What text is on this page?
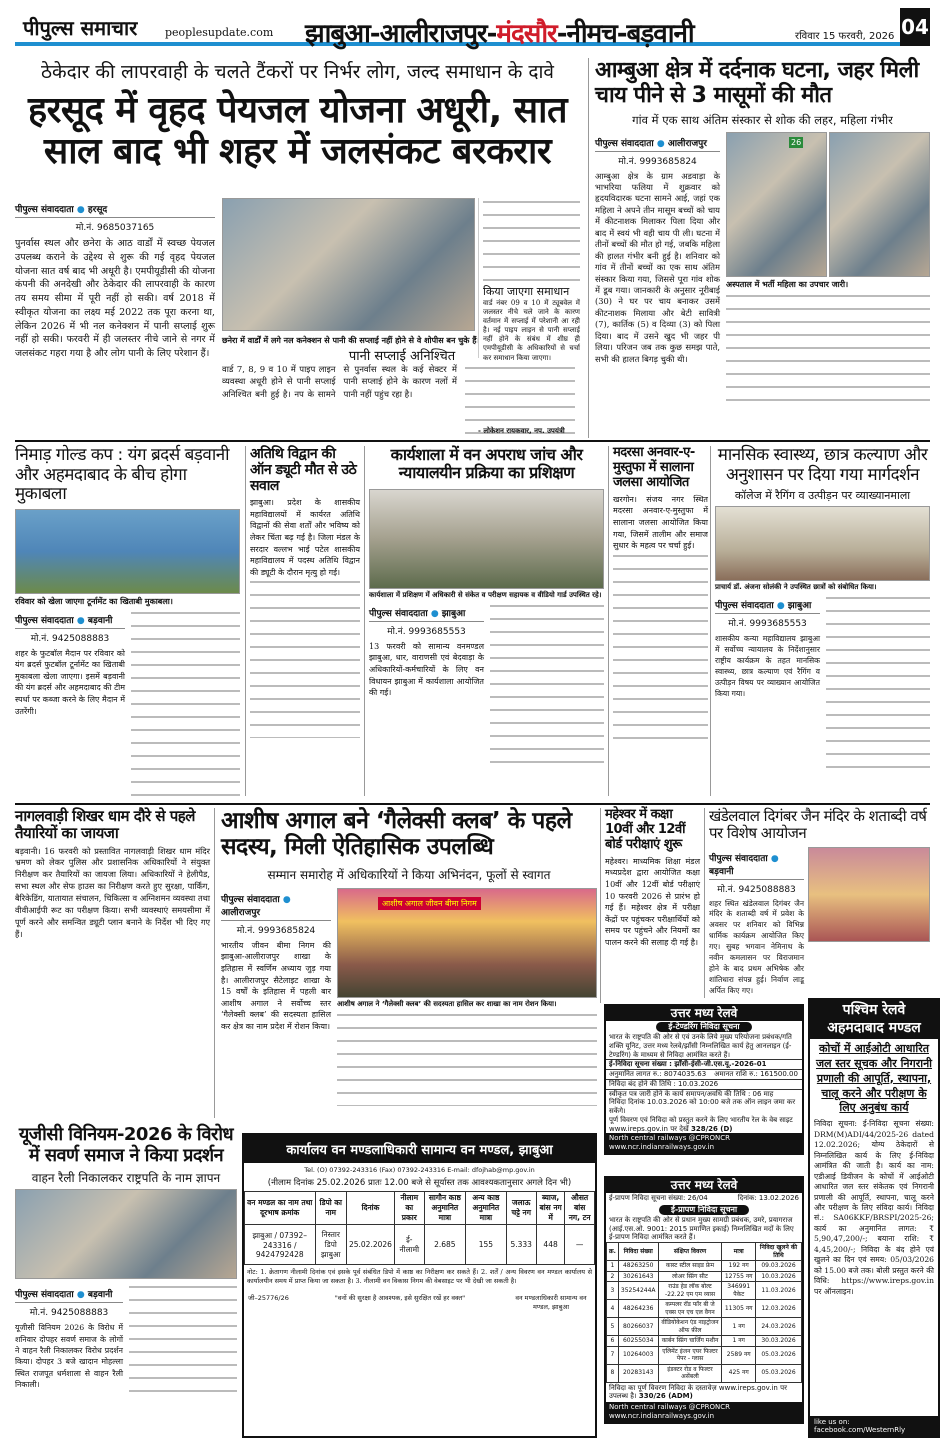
पीपुल्स समाचार	peoplesupdate.com झाबुआ-आलीराजपुर-मंदसौर-नीमच-बड़वानी	रविवार 15 फरवरी, 2026 04
ठेकेदार की लापरवाही के चलते टैंकरों पर निर्भर लोग, जल्द समाधान के दावे
हरसूद में वृहद पेयजल योजना अधूरी, सात साल बाद भी शहर में जलसंकट बरकरार
पीपुल्स संवाददाता ● हरसूद
मो.नं. 9685037165

पुनर्वास स्थल और छनेरा के आठ वार्डों में स्वच्छ पेयजल उपलब्ध कराने के उद्देश्य से शुरू की गई वृहद पेयजल योजना सात वर्ष बाद भी अधूरी है। एमपीयूडीसी की योजना कंपनी की अनदेखी और ठेकेदार की लापरवाही के कारण तय समय सीमा में पूरी नहीं हो सकी। वर्ष 2018 में स्वीकृत योजना का लक्ष्य मई 2022 तक पूरा करना था, लेकिन 2026 में भी नल कनेक्शन में पानी सप्लाई शुरू नहीं हो सकी। फरवरी में ही जलस्तर नीचे जाने से नगर में जलसंकट गहरा गया है और लोग पानी के लिए परेशान हैं।

छनेरा में वार्डों में लगे नल कनेक्शन से पानी की सप्लाई नहीं होने से वे शोपीस बन चुके हैं।
पानी सप्लाई अनिश्चित

वार्ड 7, 8, 9 व 10 में पाइप लाइन व्यवस्था अधूरी होने से पानी सप्लाई अनिश्चित बनी हुई है। नप के सामने से पुनर्वास स्थल के कई सेक्टर में पानी सप्लाई होने के कारण नलों में पानी नहीं पहुंच रहा है।

किया जाएगा समाधान

वार्ड नंबर 09 व 10 में ट्यूबवेल में जलस्तर नीचे चले जाने के कारण वर्तमान में सप्लाई में परेशानी आ रही है। नई पाइप लाइन से पानी सप्लाई नहीं होने के संबंध में शीघ्र ही एमपीयूडीसी के अधिकारियों से चर्चा कर समाधान किया जाएगा।

- लोकेशन रायकवार, नप. उपयंत्री
आम्बुआ क्षेत्र में दर्दनाक घटना, जहर मिली चाय पीने से 3 मासूमों की मौत
गांव में एक साथ अंतिम संस्कार से शोक की लहर, महिला गंभीर
पीपुल्स संवाददाता ● आलीराजपुर
मो.नं. 9993685824

आम्बुआ क्षेत्र के ग्राम अडवाड़ा के भाभरिया फलिया में शुक्रवार को हृदयविदारक घटना सामने आई, जहां एक महिला ने अपने तीन मासूम बच्चों को चाय में कीटनाशक मिलाकर पिला दिया और बाद में स्वयं भी वही चाय पी ली। घटना में तीनों बच्चों की मौत हो गई, जबकि महिला की हालत गंभीर बनी हुई है। शनिवार को गांव में तीनों बच्चों का एक साथ अंतिम संस्कार किया गया, जिससे पूरा गांव शोक में डूब गया। जानकारी के अनुसार नूरीबाई (30) ने घर पर चाय बनाकर उसमें कीटनाशक मिलाया और बेटी सावित्री (7), कार्तिक (5) व दिव्या (3) को पिला दिया। बाद में उसने खुद भी जहर पी लिया। परिजन जब तक कुछ समझ पाते, सभी की हालत बिगड़ चुकी थी।

26
अस्पताल में भर्ती महिला का उपचार जारी।
निमाड़ गोल्ड कप : यंग ब्रदर्स बड़वानी और अहमदाबाद के बीच होगा मुकाबला
रविवार को खेला जाएगा टूर्नामेंट का खिताबी मुकाबला।
पीपुल्स संवाददाता ● बड़वानी
मो.नं. 9425088883

शहर के फुटबॉल मैदान पर रविवार को यंग ब्रदर्स फुटबॉल टूर्नामेंट का खिताबी मुकाबला खेला जाएगा। इसमें बड़वानी की यंग ब्रदर्स और अहमदाबाद की टीम स्पर्धा पर कब्जा करने के लिए मैदान में उतरेंगी।

अतिथि विद्वान की ऑन ड्यूटी मौत से उठे सवाल

झाबुआ। प्रदेश के शासकीय महाविद्यालयों में कार्यरत अतिथि विद्वानों की सेवा शर्तों और भविष्य को लेकर चिंता बढ़ गई है। जिला मंडल के सरदार वल्लभ भाई पटेल शासकीय महाविद्यालय में पदस्थ अतिथि विद्वान की ड्यूटी के दौरान मृत्यु हो गई।

कार्यशाला में वन अपराध जांच और न्यायालयीन प्रक्रिया का प्रशिक्षण
कार्यशाला में प्रशिक्षण में अधिकारी से संकेत व परीक्षण सहायक व वीडियो गार्ड उपस्थित रहे।
पीपुल्स संवाददाता ● झाबुआ
मो.नं. 9993685553

13 फरवरी को सामान्य वनमण्डल झाबुआ, धार, वाराणसी एवं बेदवाड़ा के अधिकारियों-कर्मचारियों के लिए वन विधायन झाबुआ में कार्यशाला आयोजित की गई।

मदरसा अनवार-ए-मुस्तुफा में सालाना जलसा आयोजित

खरगोन। संजय नगर स्थित मदरसा अनवार-ए-मुस्तुफा में सालाना जलसा आयोजित किया गया, जिसमें तालीम और समाज सुधार के महत्व पर चर्चा हुई।

मानसिक स्वास्थ्य, छात्र कल्याण और अनुशासन पर दिया गया मार्गदर्शन
कॉलेज में रैगिंग व उत्पीड़न पर व्याख्यानमाला
प्राचार्य डॉ. अंजना सोलंकी ने उपस्थित छात्रों को संबोधित किया।
पीपुल्स संवाददाता ● झाबुआ
मो.नं. 9993685553

शासकीय कन्या महाविद्यालय झाबुआ में सर्वोच्च न्यायालय के निर्देशानुसार राष्ट्रीय कार्यक्रम के तहत मानसिक स्वास्थ्य, छात्र कल्याण एवं रैगिंग व उत्पीड़न विषय पर व्याख्यान आयोजित किया गया।

नागलवाड़ी शिखर धाम दौरे से पहले तैयारियों का जायजा

बड़वानी। 16 फरवरी को प्रस्तावित नागलवाड़ी शिखर धाम मंदिर भ्रमण को लेकर पुलिस और प्रशासनिक अधिकारियों ने संयुक्त निरीक्षण कर तैयारियों का जायजा लिया। अधिकारियों ने हेलीपैड, सभा स्थल और सेफ हाउस का निरीक्षण करते हुए सुरक्षा, पार्किंग, बैरिकेडिंग, यातायात संचालन, चिकित्सा व अग्निशमन व्यवस्था तथा वीवीआईपी रूट का परीक्षण किया। सभी व्यवस्थाएं समयसीमा में पूर्ण करने और समन्वित ड्यूटी प्लान बनाने के निर्देश भी दिए गए हैं।

आशीष अगाल बने ‘गैलेक्सी क्लब’ के पहले सदस्य, मिली ऐतिहासिक उपलब्धि
सम्मान समारोह में अधिकारियों ने किया अभिनंदन, फूलों से स्वागत
पीपुल्स संवाददाता ● आलीराजपुर
मो.नं. 9993685824

भारतीय जीवन बीमा निगम की झाबुआ-आलीराजपुर शाखा के इतिहास में स्वर्णिम अध्याय जुड़ गया है। आलीराजपुर सैटेलाइट शाखा के 15 वर्षों के इतिहास में पहली बार आशीष अगाल ने सर्वोच्च स्तर ‘गैलेक्सी क्लब’ की सदस्यता हासिल कर क्षेत्र का नाम प्रदेश में रोशन किया।

आशीष अगाल जीवन बीमा निगम
आशीष अगाल ने ‘गैलेक्सी क्लब’ की सदस्यता हासिल कर शाखा का नाम रोशन किया।
महेश्वर में कक्षा 10वीं और 12वीं बोर्ड परीक्षाएं शुरू

महेश्वर। माध्यमिक शिक्षा मंडल मध्यप्रदेश द्वारा आयोजित कक्षा 10वीं और 12वीं बोर्ड परीक्षाएं 10 फरवरी 2026 से प्रारंभ हो गई हैं। महेश्वर क्षेत्र में परीक्षा केंद्रों पर पहुंचकर परीक्षार्थियों को समय पर पहुंचने और नियमों का पालन करने की सलाह दी गई है।

खंडेलवाल दिगंबर जैन मंदिर के शताब्दी वर्ष पर विशेष आयोजन
पीपुल्स संवाददाता ● बड़वानी
मो.नं. 9425088883

शहर स्थित खंडेलवाल दिगंबर जैन मंदिर के शताब्दी वर्ष में प्रवेश के अवसर पर शनिवार को विभिन्न धार्मिक कार्यक्रम आयोजित किए गए। सुबह भगवान नेमिनाथ के नवीन कमलासन पर विराजमान होने के बाद प्रथम अभिषेक और शांतिधारा संपन्न हुई। निर्वाण लाडू अर्पित किए गए।

यूजीसी विनियम-2026 के विरोध में सवर्ण समाज ने किया प्रदर्शन
वाहन रैली निकालकर राष्ट्रपति के नाम ज्ञापन
पीपुल्स संवाददाता ● बड़वानी
मो.नं. 9425088883

यूजीसी विनियम 2026 के विरोध में शनिवार दोपहर सवर्ण समाज के लोगों ने वाहन रैली निकालकर विरोध प्रदर्शन किया। दोपहर 3 बजे खादान मोहल्ला स्थित राजपूत धर्मशाला से वाहन रैली निकाली।

कार्यालय वन मण्डलाधिकारी सामान्य वन मण्डल, झाबुआ
Tel. (O) 07392-243316 (Fax) 07392-243316 E-mail: dfojhab@mp.gov.in
(नीलाम दिनांक 25.02.2026 प्रातः 12.00 बजे से सूर्यास्त तक आवश्यकतानुसार अगले दिन भी)
वन मण्डल का नाम तथा दूरभाष क्रमांक	डिपो का नाम	दिनांक	नीलाम का प्रकार	सागौन काष्ठ अनुमानित मात्रा	अन्य काष्ठ अनुमानित मात्रा	जलाऊ चट्टे नग	ब्याज, बांस नग में	औसत बांस नग, टन
झाबुआ / 07392–243316 / 9424792428	निस्तार डिपो झाबुआ	25.02.2026	ई-नीलामी	2.685	155	5.333	448	—

नोट: 1. क्रेतागण नीलामी दिनांक एवं इसके पूर्व संबंधित डिपो में काष्ठ का निरीक्षण कर सकते हैं। 2. शर्तें / अन्य विवरण वन मण्डल कार्यालय से कार्यालयीन समय में प्राप्त किया जा सकता है। 3. नीलामी वन विकास निगम की वेबसाइट पर भी देखी जा सकती है।

जी–25776/26	"वनों की सुरक्षा है आवश्यक, इसे सुरक्षित रखें हर वक्त"	वन मण्डलाधिकारी सामान्य वन मण्डल, झाबुआ
उत्तर मध्य रेलवे
ई-टेण्डरिंग निविदा सूचना
भारत के राष्ट्रपति की ओर से एवं उनके लिये मुख्य परियोजना प्रबंधक/गति शक्ति यूनिट, उत्तर मध्य रेलवे/झाँसी निम्नलिखित कार्य हेतु आनलाइन (ई-टेण्डरिंग) के माध्यम से निविदा आमंत्रित करते हैं।
ई-निविदा सूचना संख्या : झाँसी-ईसी-जी.एस.यू.-2026-01
अनुमानित लागत रु.: 8074035.63 अमानत राशि रु.: 161500.00
निविदा बंद होने की तिथि : 10.03.2026
स्वीकृत पत्र जारी होने के कार्य समापन/अवधि की तिथि : 06 माह
निविदा दिनांक 10.03.2026 को 10:00 बजे तक ऑन लाइन जमा कर सकेंगे।
पूर्ण विवरण एवं निविदा को प्रस्तुत करने के लिए भारतीय रेल के वेब साइट www.ireps.gov.in पर देखें 328/26 (D)
North central railways @CPRONCR www.ncr.indianrailways.gov.in
उत्तर मध्य रेलवे
ई-प्रापण निविदा सूचना संख्या: 26/04	दिनांक: 13.02.2026
ई-प्रापण निविदा सूचना
भारत के राष्ट्रपति की ओर से प्रधान मुख्य सामग्री प्रबंधक, उमरे, प्रयागराज (आई.एस.ओ. 9001: 2015 प्रमाणित इकाई) निम्नलिखित मदों के लिए ई-प्रापण निविदा आमंत्रित करते हैं।
क्र.	निविदा संख्या	संक्षिप्त विवरण	मात्रा	निविदा खुलने की तिथि
1	48263250	कास्ट स्टील साइड फ्रेम	192 नग	09.03.2026
2	30261643	लोअर स्प्रिंग सीट	12755 नग	10.03.2026
3	35254244A	राउंड हेड लॉक बोल्ट -22.22 एम एम व्यास	346991 पैकेट	11.03.2026
4	48264236	कम्पलर रॉड फॉर बी जे एक्स एन एच एल वैगन	11305 नग	12.03.2026
5	80266037	वीडियोकेशन एंड नाइट्रोजन ऑफ फ़ील	1 नग	24.03.2026
6	60255034	कार्बन स्प्रिंग चार्जिंग मशीन	1 नग	30.03.2026
7	10264003	एलिमेंट इंजन एयर फिल्टर पेपर - ग्लास	2589 नग	05.03.2026
8	20283143	इंडक्टर रोड व फिल्टर असेंबली	425 नग	05.03.2026
निविदा का पूर्ण विवरण निविदा के दस्तावेज़ www.ireps.gov.in पर उपलब्ध है। 330/26 (ADM)
North central railways @CPRONCR www.ncr.indianrailways.gov.in
पश्चिम रेलवे
अहमदाबाद मण्डल
कोचों में आईओटी आधारित जल स्तर सूचक और निगरानी प्रणाली की आपूर्ति, स्थापना, चालू करने और परीक्षण के लिए अनुबंध कार्य

निविदा सूचना: ई-निविदा सूचना संख्या: DRM(M)ADI/44/2025-26 dated 12.02.2026; योग्य ठेकेदारों से निम्नलिखित कार्य के लिए ई-निविदा आमंत्रित की जाती है। कार्य का नाम: एडीआई डिवीजन के कोचों में आईओटी आधारित जल स्तर संकेतक एवं निगरानी प्रणाली की आपूर्ति, स्थापना, चालू करने और परीक्षण के लिए संविदा कार्य। निविदा सं.: SA06KKF/BRSPI/2025-26; कार्य का अनुमानित लागत: ₹ 5,90,47,200/-; बयाना राशि: ₹ 4,45,200/-; निविदा के बंद होने एवं खुलने का दिन एवं समय: 05/03/2026 को 15.00 बजे तक। बोली प्रस्तुत करने की विधि: https://www.ireps.gov.in पर ऑनलाइन।

like us on: facebook.com/WesternRly
